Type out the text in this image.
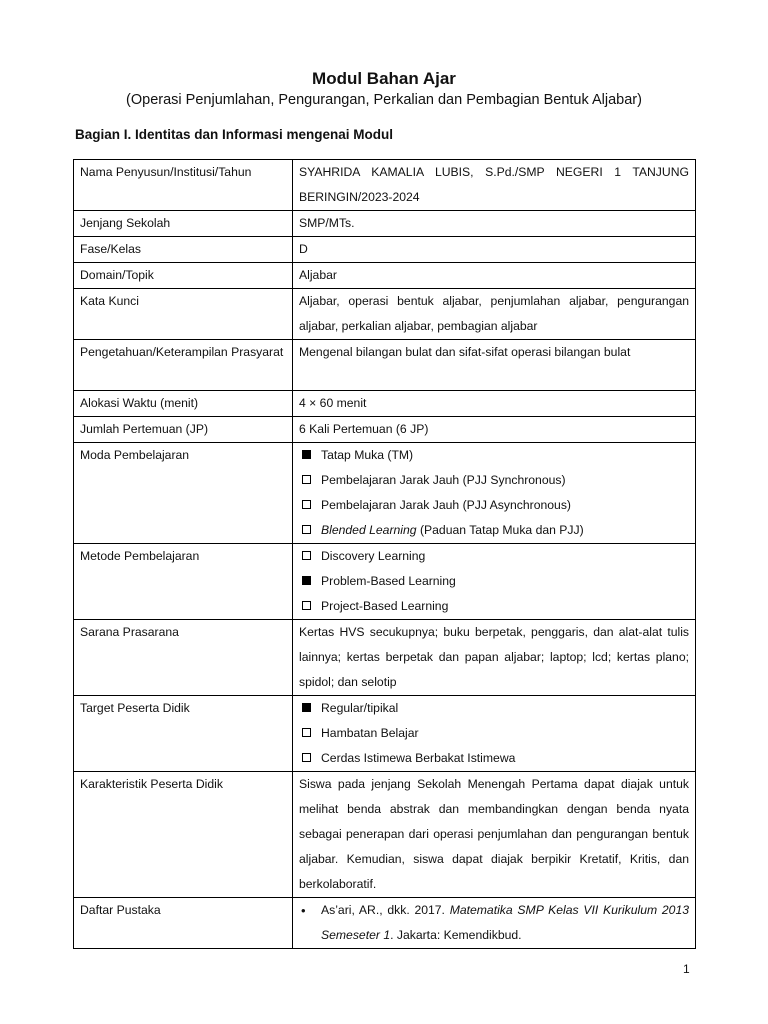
Modul Bahan Ajar
(Operasi Penjumlahan, Pengurangan, Perkalian dan Pembagian Bentuk Aljabar)
Bagian I. Identitas dan Informasi mengenai Modul
Nama Penyusun/Institusi/Tahun	SYAHRIDA KAMALIA LUBIS, S.Pd./SMP NEGERI 1 TANJUNG BERINGIN/2023-2024
Jenjang Sekolah	SMP/MTs.
Fase/Kelas	D
Domain/Topik	Aljabar
Kata Kunci	Aljabar, operasi bentuk aljabar, penjumlahan aljabar, pengurangan aljabar, perkalian aljabar, pembagian aljabar
Pengetahuan/Keterampilan Prasyarat	Mengenal bilangan bulat dan sifat-sifat operasi bilangan bulat
Alokasi Waktu (menit)	4 × 60 menit
Jumlah Pertemuan (JP)	6 Kali Pertemuan (6 JP)
Moda Pembelajaran	Tatap Muka (TM)
Pembelajaran Jarak Jauh (PJJ Synchronous)
Pembelajaran Jarak Jauh (PJJ Asynchronous)
Blended Learning (Paduan Tatap Muka dan PJJ)

Metode Pembelajaran	Discovery Learning
Problem-Based Learning
Project-Based Learning

Sarana Prasarana	Kertas HVS secukupnya; buku berpetak, penggaris, dan alat-alat tulis lainnya; kertas berpetak dan papan aljabar; laptop; lcd; kertas plano; spidol; dan selotip
Target Peserta Didik	Regular/tipikal
Hambatan Belajar
Cerdas Istimewa Berbakat Istimewa

Karakteristik Peserta Didik	Siswa pada jenjang Sekolah Menengah Pertama dapat diajak untuk melihat benda abstrak dan membandingkan dengan benda nyata sebagai penerapan dari operasi penjumlahan dan pengurangan bentuk aljabar. Kemudian, siswa dapat diajak berpikir Kretatif, Kritis, dan berkolaboratif.
Daftar Pustaka	• As’ari, AR., dkk. 2017. Matematika SMP Kelas VII Kurikulum 2013 Semeseter 1. Jakarta: Kemendikbud.
1
